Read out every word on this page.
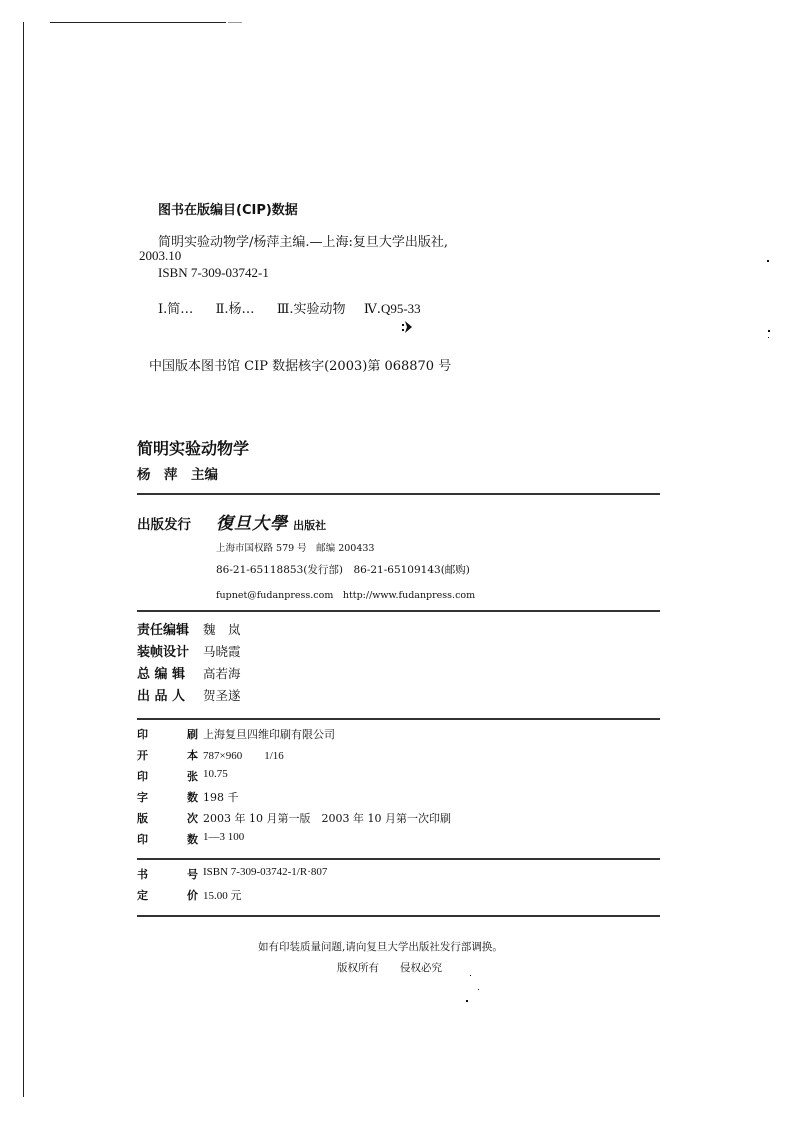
图书在版编目(CIP)数据
简明实验动物学/杨萍主编.—上海:复旦大学出版社,
2003.10
ISBN 7-309-03742-1
Ⅰ.简… Ⅱ.杨… Ⅲ.实验动物 Ⅳ.Q95-33
中国版本图书馆 CIP 数据核字(2003)第 068870 号
简明实验动物学
杨　萍　主编
出版发行 復旦大學 出版社
上海市国权路 579 号　邮编 200433
86-21-65118853(发行部)　86-21-65109143(邮购)
fupnet@fudanpress.com　http://www.fudanpress.com
责任编辑 魏　岚
装帧设计 马晓霞
总 编 辑 高若海
出 品 人 贺圣遂
印	刷 上海复旦四维印刷有限公司
开	本 787×960　　1/16
印	张 10.75
字	数 198 千
版	次 2003 年 10 月第一版　2003 年 10 月第一次印刷
印	数 1—3 100
书	号 ISBN 7-309-03742-1/R·807
定	价 15.00 元
如有印装质量问题,请向复旦大学出版社发行部调换。
版权所有　　侵权必究
